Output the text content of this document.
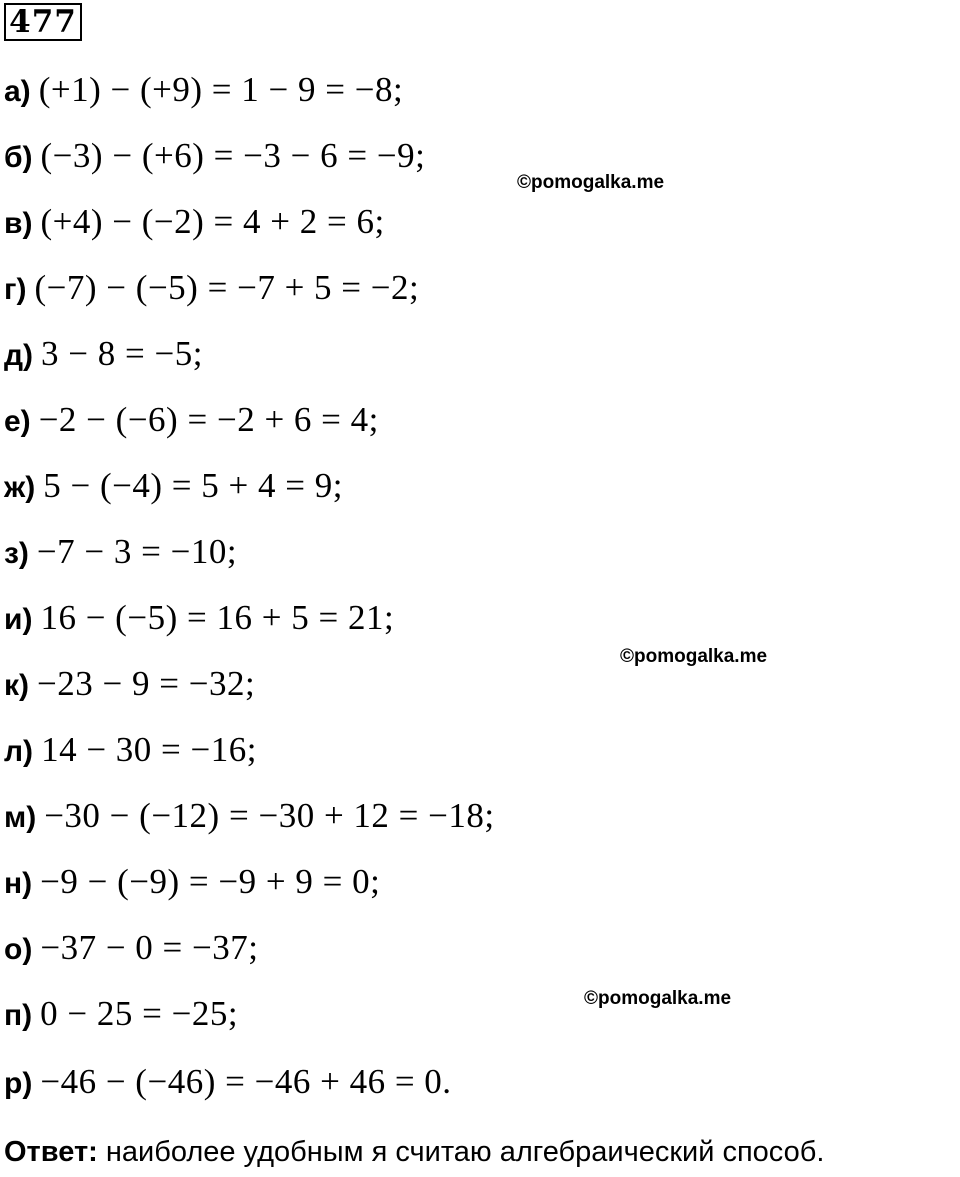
477
а) (+1) − (+9) = 1 − 9 = −8;
б) (−3) − (+6) = −3 − 6 = −9;
в) (+4) − (−2) = 4 + 2 = 6;
г) (−7) − (−5) = −7 + 5 = −2;
д) 3 − 8 = −5;
е) −2 − (−6) = −2 + 6 = 4;
ж) 5 − (−4) = 5 + 4 = 9;
з) −7 − 3 = −10;
и) 16 − (−5) = 16 + 5 = 21;
к) −23 − 9 = −32;
л) 14 − 30 = −16;
м) −30 − (−12) = −30 + 12 = −18;
н) −9 − (−9) = −9 + 9 = 0;
о) −37 − 0 = −37;
п) 0 − 25 = −25;
р) −46 − (−46) = −46 + 46 = 0.
©pomogalka.me
©pomogalka.me
©pomogalka.me
Ответ: наиболее удобным я считаю алгебраический способ.
